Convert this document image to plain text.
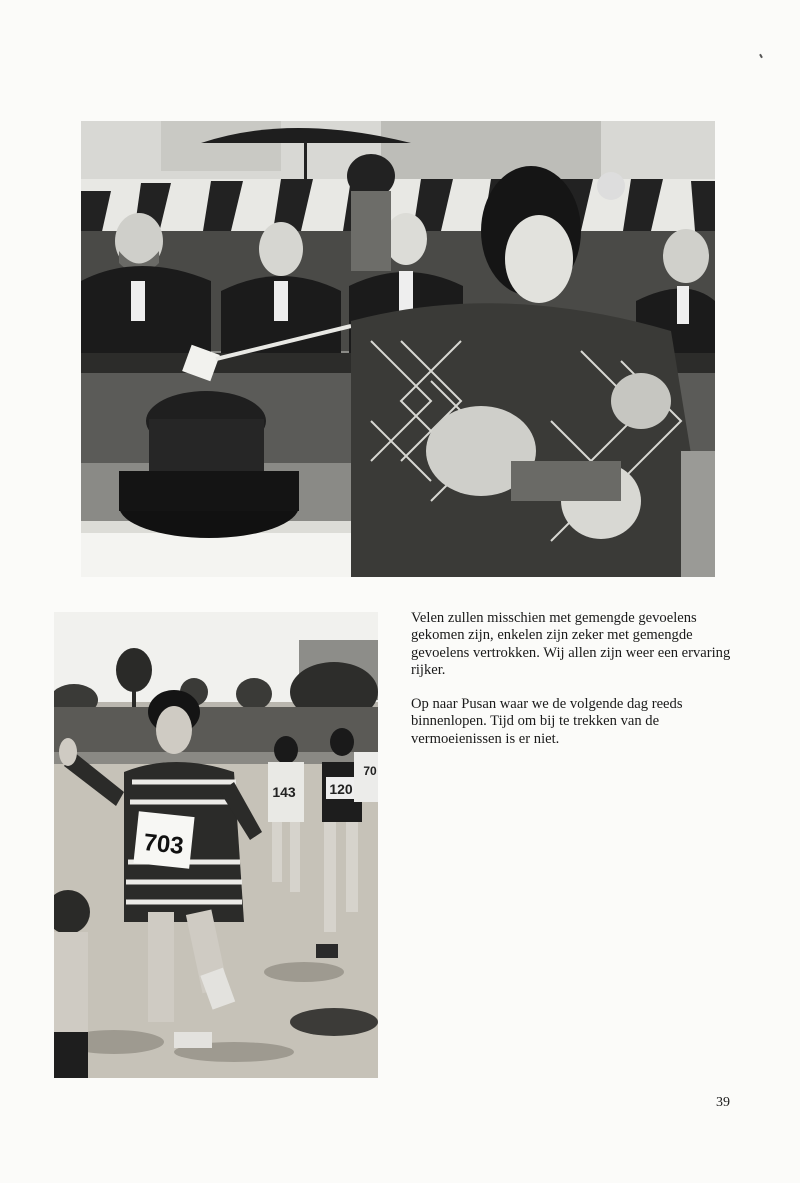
703
143 120
70

Velen zullen misschien met gemengde gevoelens gekomen zijn, enkelen zijn zeker met gemengde gevoelens vertrokken. Wij allen zijn weer een ervaring rijker.

Op naar Pusan waar we de volgende dag reeds binnenlopen. Tijd om bij te trekken van de vermoeienissen is er niet.

39
